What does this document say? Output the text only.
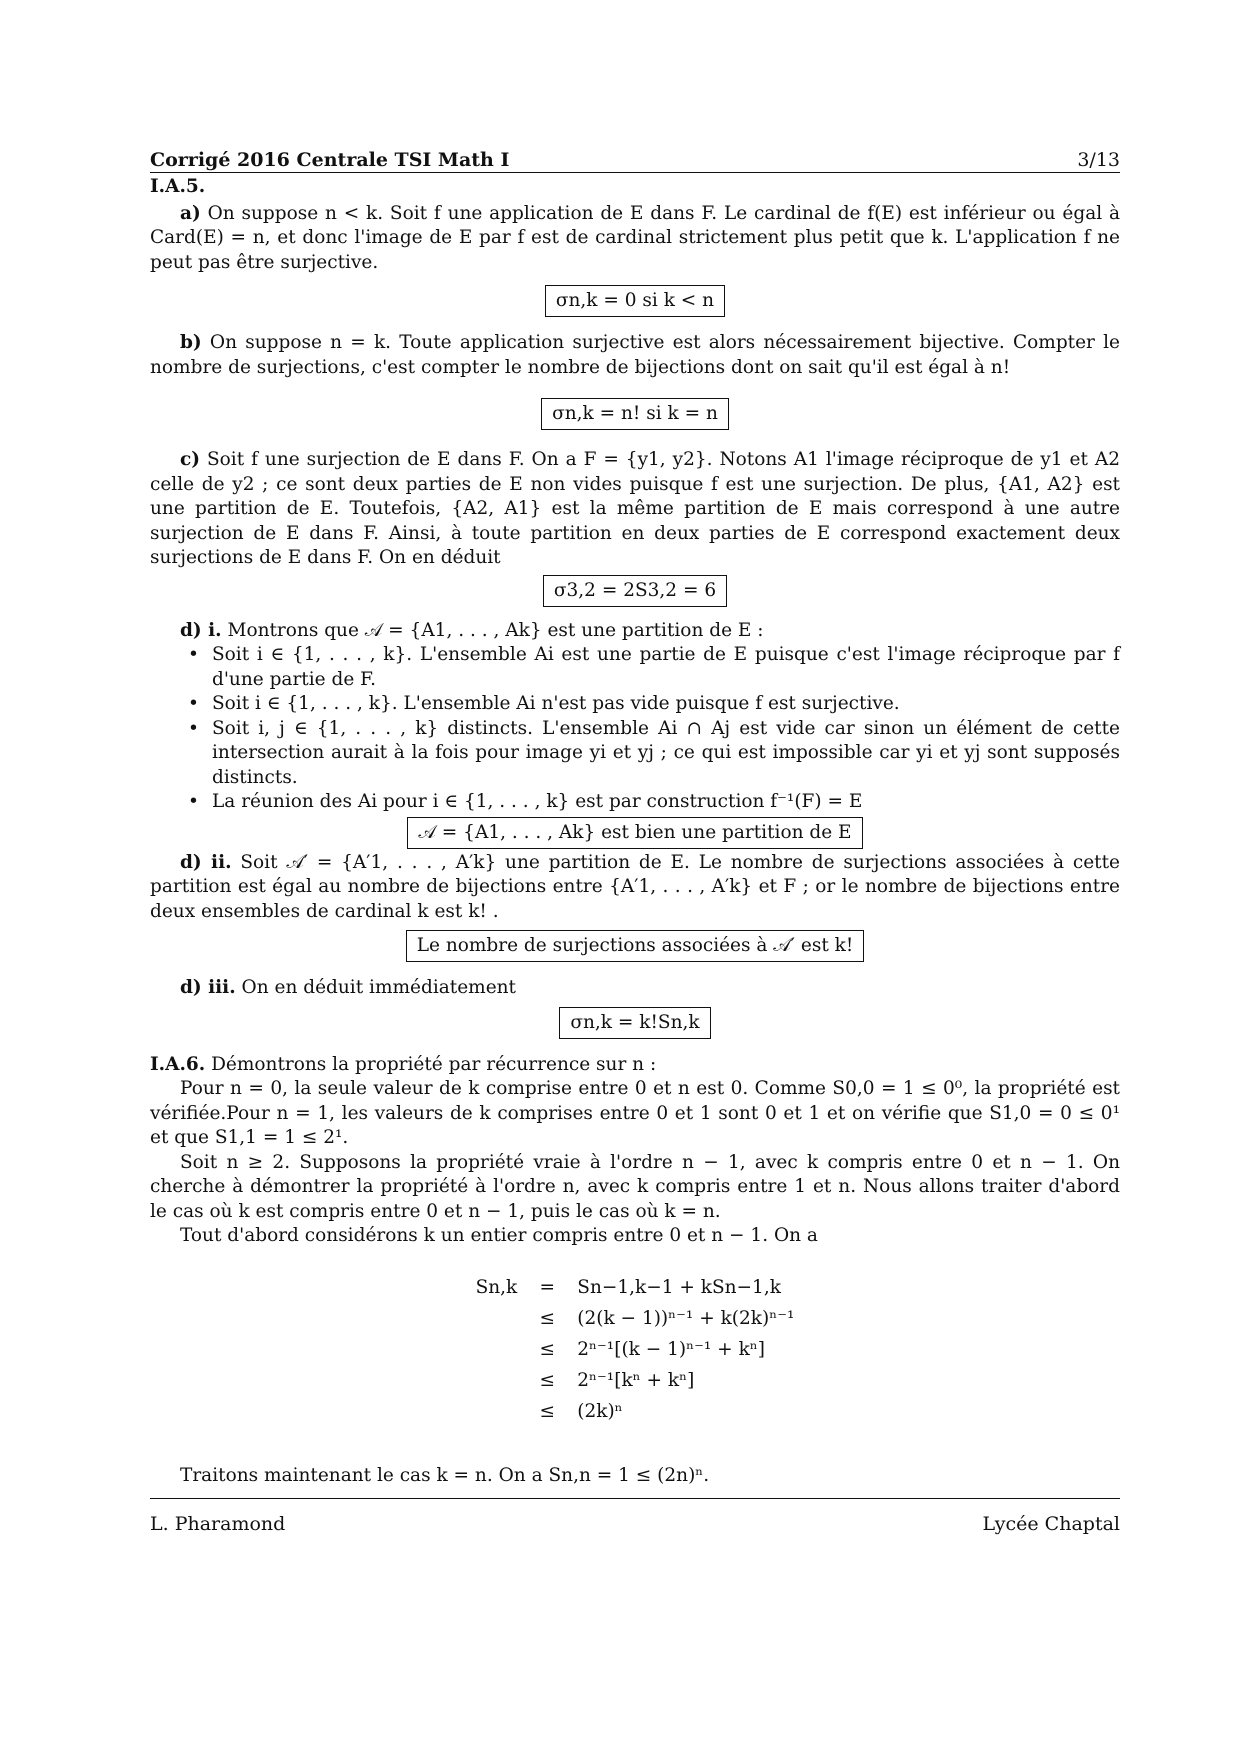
Corrigé 2016 Centrale TSI Math I	3/13
I.A.5.

a) On suppose n < k. Soit f une application de E dans F. Le cardinal de f(E) est inférieur ou égal à Card(E) = n, et donc l'image de E par f est de cardinal strictement plus petit que k. L'application f ne peut pas être surjective.

σn,k = 0 si k < n

b) On suppose n = k. Toute application surjective est alors nécessairement bijective. Compter le nombre de surjections, c'est compter le nombre de bijections dont on sait qu'il est égal à n!

σn,k = n! si k = n

c) Soit f une surjection de E dans F. On a F = {y1, y2}. Notons A1 l'image réciproque de y1 et A2 celle de y2 ; ce sont deux parties de E non vides puisque f est une surjection. De plus, {A1, A2} est une partition de E. Toutefois, {A2, A1} est la même partition de E mais correspond à une autre surjection de E dans F. Ainsi, à toute partition en deux parties de E correspond exactement deux surjections de E dans F. On en déduit

σ3,2 = 2S3,2 = 6

d) i. Montrons que 𝒜 = {A1, . . . , Ak} est une partition de E :

• Soit i ∈ {1, . . . , k}. L'ensemble Ai est une partie de E puisque c'est l'image réciproque par f d'une partie de F.
• Soit i ∈ {1, . . . , k}. L'ensemble Ai n'est pas vide puisque f est surjective.
• Soit i, j ∈ {1, . . . , k} distincts. L'ensemble Ai ∩ Aj est vide car sinon un élément de cette intersection aurait à la fois pour image yi et yj ; ce qui est impossible car yi et yj sont supposés distincts.
• La réunion des Ai pour i ∈ {1, . . . , k} est par construction f⁻¹(F) = E
𝒜 = {A1, . . . , Ak} est bien une partition de E

d) ii. Soit 𝒜′ = {A′1, . . . , A′k} une partition de E. Le nombre de surjections associées à cette partition est égal au nombre de bijections entre {A′1, . . . , A′k} et F ; or le nombre de bijections entre deux ensembles de cardinal k est k! .

Le nombre de surjections associées à 𝒜′ est k!

d) iii. On en déduit immédiatement

σn,k = k!Sn,k

I.A.6. Démontrons la propriété par récurrence sur n :

Pour n = 0, la seule valeur de k comprise entre 0 et n est 0. Comme S0,0 = 1 ≤ 0⁰, la propriété est vérifiée.Pour n = 1, les valeurs de k comprises entre 0 et 1 sont 0 et 1 et on vérifie que S1,0 = 0 ≤ 0¹ et que S1,1 = 1 ≤ 2¹.

Soit n ≥ 2. Supposons la propriété vraie à l'ordre n − 1, avec k compris entre 0 et n − 1. On cherche à démontrer la propriété à l'ordre n, avec k compris entre 1 et n. Nous allons traiter d'abord le cas où k est compris entre 0 et n − 1, puis le cas où k = n.

Tout d'abord considérons k un entier compris entre 0 et n − 1. On a

Sn,k	=	Sn−1,k−1 + kSn−1,k
	≤	(2(k − 1))ⁿ⁻¹ + k(2k)ⁿ⁻¹
	≤	2ⁿ⁻¹[(k − 1)ⁿ⁻¹ + kⁿ]
	≤	2ⁿ⁻¹[kⁿ + kⁿ]
	≤	(2k)ⁿ

Traitons maintenant le cas k = n. On a Sn,n = 1 ≤ (2n)ⁿ.

L. Pharamond	Lycée Chaptal
